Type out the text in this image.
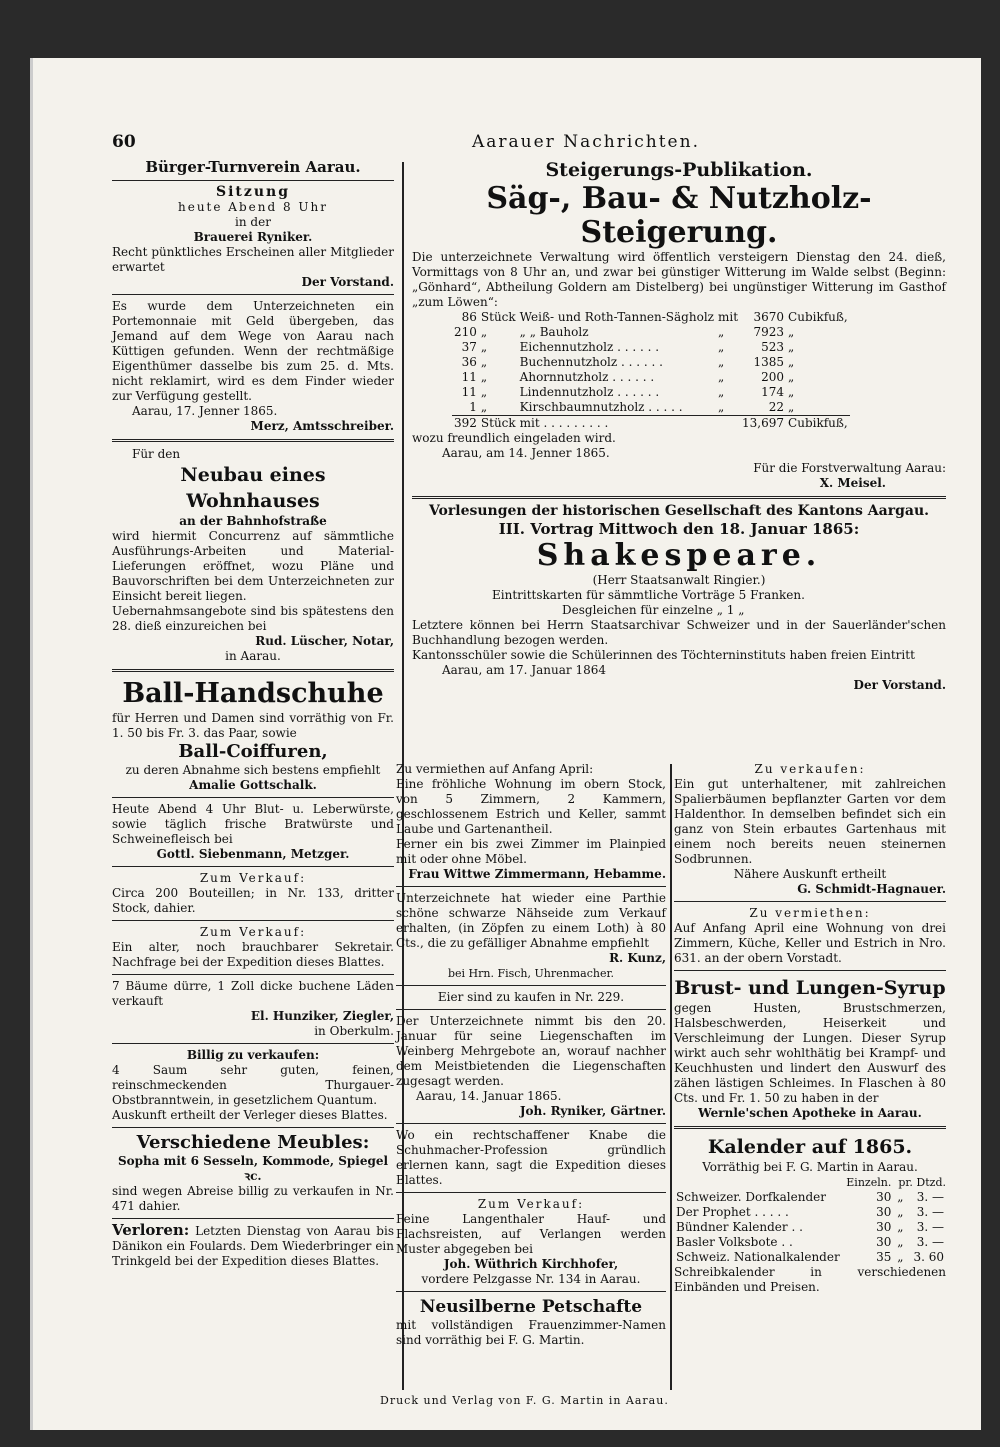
60	Aarauer Nachrichten.
Bürger-Turnverein Aarau.
Sitzung
heute Abend 8 Uhr
in der
Brauerei Ryniker.
Recht pünktliches Erscheinen aller Mitglieder erwartet
Der Vorstand.
Es wurde dem Unterzeichneten ein Portemonnaie mit Geld übergeben, das Jemand auf dem Wege von Aarau nach Küttigen gefunden. Wenn der rechtmäßige Eigenthümer dasselbe bis zum 25. d. Mts. nicht reklamirt, wird es dem Finder wieder zur Verfügung gestellt.
Aarau, 17. Jenner 1865.
Merz, Amtsschreiber.
Für den
Neubau eines Wohnhauses
an der Bahnhofstraße
wird hiermit Concurrenz auf sämmtliche Ausführungs-Arbeiten und Material-Lieferungen eröffnet, wozu Pläne und Bauvorschriften bei dem Unterzeichneten zur Einsicht bereit liegen.
Uebernahmsangebote sind bis spätestens den 28. dieß einzureichen bei
Rud. Lüscher, Notar,
in Aarau.
Ball-Handschuhe
für Herren und Damen sind vorräthig von Fr. 1. 50 bis Fr. 3. das Paar, sowie
Ball-Coiffuren,
zu deren Abnahme sich bestens empfiehlt
Amalie Gottschalk.
Heute Abend 4 Uhr Blut- u. Leberwürste, sowie täglich frische Bratwürste und Schweinefleisch bei
Gottl. Siebenmann, Metzger.
Zum Verkauf:
Circa 200 Bouteillen; in Nr. 133, dritter Stock, dahier.
Zum Verkauf:
Ein alter, noch brauchbarer Sekretair. Nachfrage bei der Expedition dieses Blattes.
7 Bäume dürre, 1 Zoll dicke buchene Läden verkauft
El. Hunziker, Ziegler,
in Oberkulm.
Billig zu verkaufen:
4 Saum sehr guten, feinen, reinschmeckenden Thurgauer-Obstbranntwein, in gesetzlichem Quantum.
Auskunft ertheilt der Verleger dieses Blattes.
Verschiedene Meubles:
Sopha mit 6 Sesseln, Kommode, Spiegel ꝛc.
sind wegen Abreise billig zu verkaufen in Nr. 471 dahier.
Verloren: Letzten Dienstag von Aarau bis Dänikon ein Foulards. Dem Wiederbringer ein Trinkgeld bei der Expedition dieses Blattes.
Steigerungs-Publikation.
Säg-, Bau- & Nutzholz-Steigerung.
Die unterzeichnete Verwaltung wird öffentlich versteigern Dienstag den 24. dieß, Vormittags von 8 Uhr an, und zwar bei günstiger Witterung im Walde selbst (Beginn: „Gönhard“, Abtheilung Goldern am Distelberg) bei ungünstiger Witterung im Gasthof „zum Löwen“:
86	Stück	Weiß- und Roth-Tannen-Sägholz	mit	3670	Cubikfuß,
210	„	„ „ Bauholz	„	7923	„
37	„	Eichennutzholz . . . . . .	„	523	„
36	„	Buchennutzholz . . . . . .	„	1385	„
11	„	Ahornnutzholz . . . . . .	„	200	„
11	„	Lindennutzholz . . . . . .	„	174	„
1	„	Kirschbaumnutzholz . . . . .	„	22	„
392	Stück	mit . . . . . . . . .		13,697	Cubikfuß,
wozu freundlich eingeladen wird.
Aarau, am 14. Jenner 1865.
Für die Forstverwaltung Aarau:
X. Meisel.
Vorlesungen der historischen Gesellschaft des Kantons Aargau.
III. Vortrag Mittwoch den 18. Januar 1865:
Shakespeare.
(Herr Staatsanwalt Ringier.)
Eintrittskarten für sämmtliche Vorträge 5 Franken.
Desgleichen für einzelne „ 1 „
Letztere können bei Herrn Staatsarchivar Schweizer und in der Sauerländer'schen Buchhandlung bezogen werden.
Kantonsschüler sowie die Schülerinnen des Töchterninstituts haben freien Eintritt
Aarau, am 17. Januar 1864
Der Vorstand.
Zu vermiethen auf Anfang April:
Eine fröhliche Wohnung im obern Stock, von 5 Zimmern, 2 Kammern, geschlossenem Estrich und Keller, sammt Laube und Gartenantheil.
Ferner ein bis zwei Zimmer im Plainpied mit oder ohne Möbel.
Frau Wittwe Zimmermann, Hebamme.
Unterzeichnete hat wieder eine Parthie schöne schwarze Nähseide zum Verkauf erhalten, (in Zöpfen zu einem Loth) à 80 Cts., die zu gefälliger Abnahme empfiehlt
R. Kunz,
bei Hrn. Fisch, Uhrenmacher.
Eier sind zu kaufen in Nr. 229.
Der Unterzeichnete nimmt bis den 20. Januar für seine Liegenschaften im Weinberg Mehrgebote an, worauf nachher dem Meistbietenden die Liegenschaften zugesagt werden.
Aarau, 14. Januar 1865.
Joh. Ryniker, Gärtner.
Wo ein rechtschaffener Knabe die Schuhmacher-Profession gründlich erlernen kann, sagt die Expedition dieses Blattes.
Zum Verkauf:
Feine Langenthaler Hauf- und Flachsreisten, auf Verlangen werden Muster abgegeben bei
Joh. Wüthrich Kirchhofer,
vordere Pelzgasse Nr. 134 in Aarau.
Neusilberne Petschafte
mit vollständigen Frauenzimmer-Namen sind vorräthig bei F. G. Martin.
Zu verkaufen:
Ein gut unterhaltener, mit zahlreichen Spalierbäumen bepflanzter Garten vor dem Haldenthor. In demselben befindet sich ein ganz von Stein erbautes Gartenhaus mit einem noch bereits neuen steinernen Sodbrunnen.
Nähere Auskunft ertheilt
G. Schmidt-Hagnauer.
Zu vermiethen:
Auf Anfang April eine Wohnung von drei Zimmern, Küche, Keller und Estrich in Nro. 631. an der obern Vorstadt.
Brust- und Lungen-Syrup
gegen Husten, Brustschmerzen, Halsbeschwerden, Heiserkeit und Verschleimung der Lungen. Dieser Syrup wirkt auch sehr wohlthätig bei Krampf- und Keuchhusten und lindert den Auswurf des zähen lästigen Schleimes. In Flaschen à 80 Cts. und Fr. 1. 50 zu haben in der
Wernle'schen Apotheke in Aarau.
Kalender auf 1865.
Vorräthig bei F. G. Martin in Aarau.
Einzeln. pr. Dtzd.
Schweizer. Dorfkalender	30	„	3. —
Der Prophet . . . . .	30	„	3. —
Bündner Kalender . .	30	„	3. —
Basler Volksbote . .	30	„	3. —
Schweiz. Nationalkalender	35	„	3. 60
Schreibkalender in verschiedenen Einbänden und Preisen.
Druck und Verlag von F. G. Martin in Aarau.
